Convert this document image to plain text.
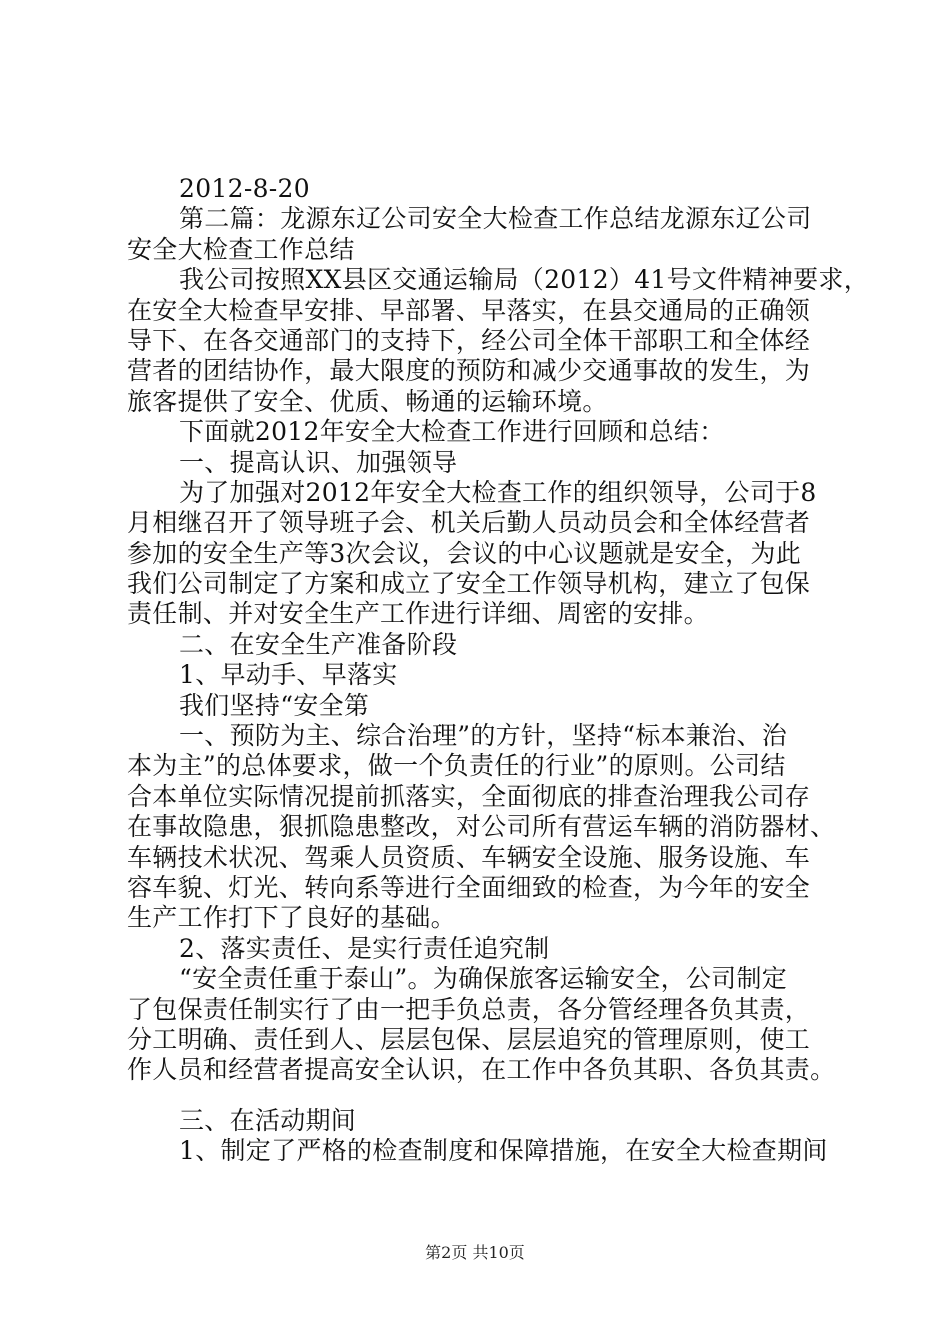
2012-8-20
第二篇：龙源东辽公司安全大检查工作总结龙源东辽公司
安全大检查工作总结
我公司按照XX县区交通运输局（2012）41号文件精神要求，
在安全大检查早安排、早部署、早落实，在县交通局的正确领
导下、在各交通部门的支持下，经公司全体干部职工和全体经
营者的团结协作，最大限度的预防和减少交通事故的发生，为
旅客提供了安全、优质、畅通的运输环境。
下面就2012年安全大检查工作进行回顾和总结：
一、提高认识、加强领导
为了加强对2012年安全大检查工作的组织领导，公司于8
月相继召开了领导班子会、机关后勤人员动员会和全体经营者
参加的安全生产等3次会议，会议的中心议题就是安全，为此
我们公司制定了方案和成立了安全工作领导机构，建立了包保
责任制、并对安全生产工作进行详细、周密的安排。
二、在安全生产准备阶段
1、早动手、早落实
我们坚持“安全第
一、预防为主、综合治理”的方针，坚持“标本兼治、治
本为主”的总体要求，做一个负责任的行业”的原则。公司结
合本单位实际情况提前抓落实，全面彻底的排查治理我公司存
在事故隐患，狠抓隐患整改，对公司所有营运车辆的消防器材、
车辆技术状况、驾乘人员资质、车辆安全设施、服务设施、车
容车貌、灯光、转向系等进行全面细致的检查，为今年的安全
生产工作打下了良好的基础。
2、落实责任、是实行责任追究制
“安全责任重于泰山”。为确保旅客运输安全，公司制定
了包保责任制实行了由一把手负总责，各分管经理各负其责，
分工明确、责任到人、层层包保、层层追究的管理原则，使工
作人员和经营者提高安全认识，在工作中各负其职、各负其责。
三、在活动期间
1、制定了严格的检查制度和保障措施，在安全大检查期间
第2页 共10页
